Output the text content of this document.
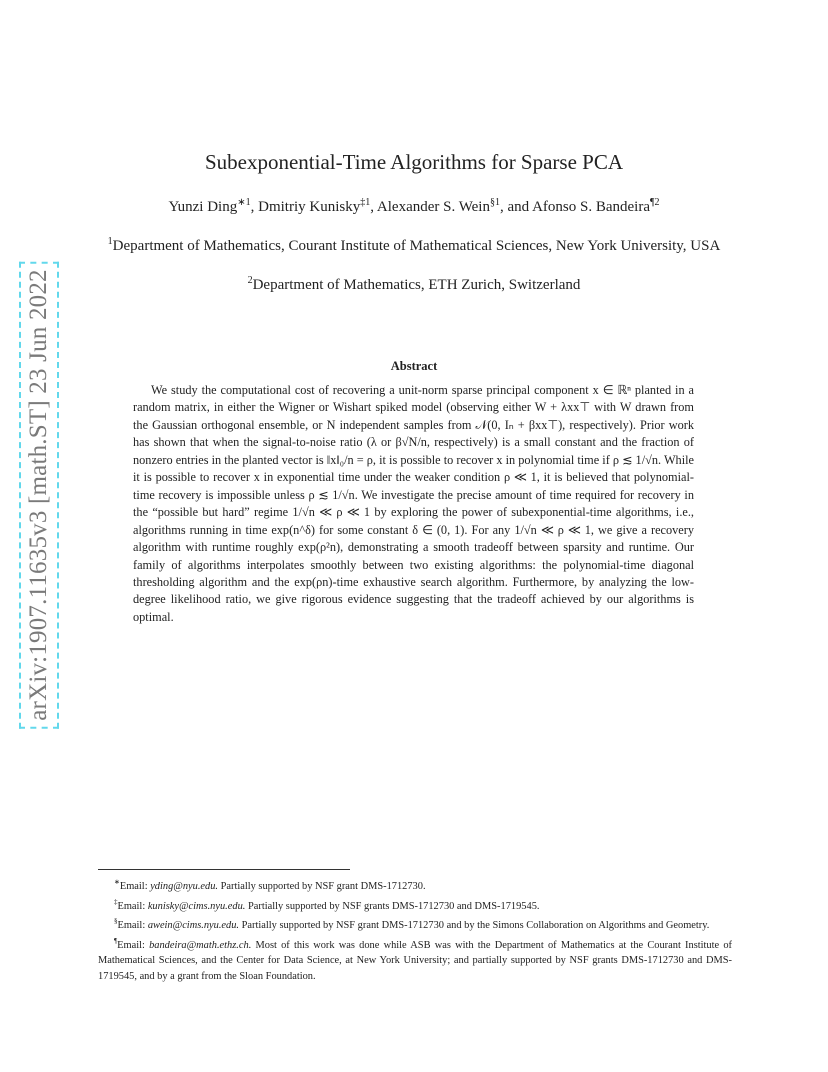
arXiv:1907.11635v3 [math.ST] 23 Jun 2022
Subexponential-Time Algorithms for Sparse PCA
Yunzi Ding$^{∗1}$, Dmitriy Kunisky$^{\ddagger 1}$, Alexander S. Wein$^{\S 1}$, and Afonso S. Bandeira$^{\P 2}$
$^1$Department of Mathematics, Courant Institute of Mathematical Sciences, New York University, USA
$^2$Department of Mathematics, ETH Zurich, Switzerland
Abstract
We study the computational cost of recovering a unit-norm sparse principal component x ∈ ℝⁿ planted in a random matrix, in either the Wigner or Wishart spiked model (observing either W + λxx⊤ with W drawn from the Gaussian orthogonal ensemble, or N independent samples from 𝒩(0, Iₙ + βxx⊤), respectively). Prior work has shown that when the signal-to-noise ratio (λ or β√N/n, respectively) is a small constant and the fraction of nonzero entries in the planted vector is ‖x‖₀/n = ρ, it is possible to recover x in polynomial time if ρ ≲ 1/√n. While it is possible to recover x in exponential time under the weaker condition ρ ≪ 1, it is believed that polynomial-time recovery is impossible unless ρ ≲ 1/√n. We investigate the precise amount of time required for recovery in the “possible but hard” regime 1/√n ≪ ρ ≪ 1 by exploring the power of subexponential-time algorithms, i.e., algorithms running in time exp(n^δ) for some constant δ ∈ (0, 1). For any 1/√n ≪ ρ ≪ 1, we give a recovery algorithm with runtime roughly exp(ρ²n), demonstrating a smooth tradeoff between sparsity and runtime. Our family of algorithms interpolates smoothly between two existing algorithms: the polynomial-time diagonal thresholding algorithm and the exp(ρn)-time exhaustive search algorithm. Furthermore, by analyzing the low-degree likelihood ratio, we give rigorous evidence suggesting that the tradeoff achieved by our algorithms is optimal.

∗Email: yding@nyu.edu. Partially supported by NSF grant DMS-1712730.

‡Email: kunisky@cims.nyu.edu. Partially supported by NSF grants DMS-1712730 and DMS-1719545.

§Email: awein@cims.nyu.edu. Partially supported by NSF grant DMS-1712730 and by the Simons Collaboration on Algorithms and Geometry.

¶Email: bandeira@math.ethz.ch. Most of this work was done while ASB was with the Department of Mathematics at the Courant Institute of Mathematical Sciences, and the Center for Data Science, at New York University; and partially supported by NSF grants DMS-1712730 and DMS-1719545, and by a grant from the Sloan Foundation.
